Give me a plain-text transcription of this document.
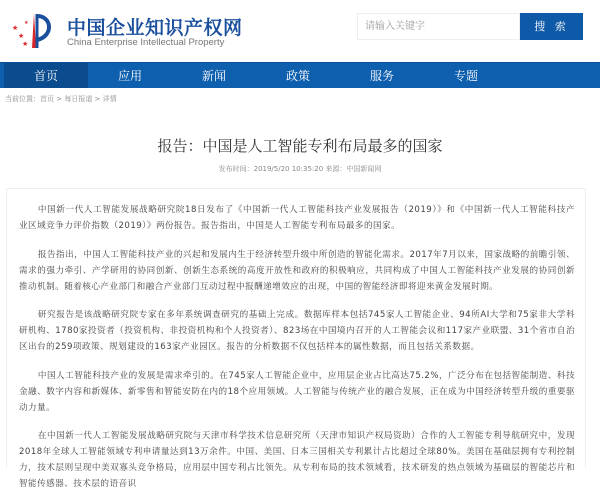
★
★
★
★ 中国企业知识产权网
China Enterprise Intellectual Property
请输入关键字	搜 索
首页	应用	新闻	政策	服务	专题
当前位置：首页 > 每日报道 > 详情
报告：中国是人工智能专利布局最多的国家
发布时间：2019/5/20 10:35:20 来源：中国新闻网

中国新一代人工智能发展战略研究院18日发布了《中国新一代人工智能科技产业发展报告（2019）》和《中国新一代人工智能科技产业区域竞争力评价指数（2019）》两份报告。报告指出，中国是人工智能专利布局最多的国家。

报告指出，中国人工智能科技产业的兴起和发展内生于经济转型升级中所创造的智能化需求。2017年7月以来，国家战略的前瞻引领、需求的强力牵引、产学研用的协同创新、创新生态系统的高度开放性和政府的积极响应，共同构成了中国人工智能科技产业发展的协同创新推动机制。随着核心产业部门和融合产业部门互动过程中报酬递增效应的出现，中国的智能经济即将迎来黄金发展时期。

研究报告是该战略研究院专家在多年系统调查研究的基础上完成。数据库样本包括745家人工智能企业、94所AI大学和75家非大学科研机构、1780家投资者（投资机构、非投资机构和个人投资者）、823场在中国境内召开的人工智能会议和117家产业联盟、31个省市自治区出台的259项政策、规划建设的163家产业园区。报告的分析数据不仅包括样本的属性数据，而且包括关系数据。

中国人工智能科技产业的发展是需求牵引的。在745家人工智能企业中，应用层企业占比高达75.2%，广泛分布在包括智能制造、科技金融、数字内容和新媒体、新零售和智能安防在内的18个应用领域。人工智能与传统产业的融合发展，正在成为中国经济转型升级的重要驱动力量。

在中国新一代人工智能发展战略研究院与天津市科学技术信息研究所（天津市知识产权局资助）合作的人工智能专利导航研究中，发现2018年全球人工智能领域专利申请量达到13万余件。中国、美国、日本三国相关专利累计占比超过全球80%。美国在基础层拥有专利控制力，技术层则呈现中美双寡头竞争格局，应用层中国专利占比领先。从专利布局的技术领域看，技术研发的热点领域为基础层的智能芯片和智能传感器、技术层的语音识
